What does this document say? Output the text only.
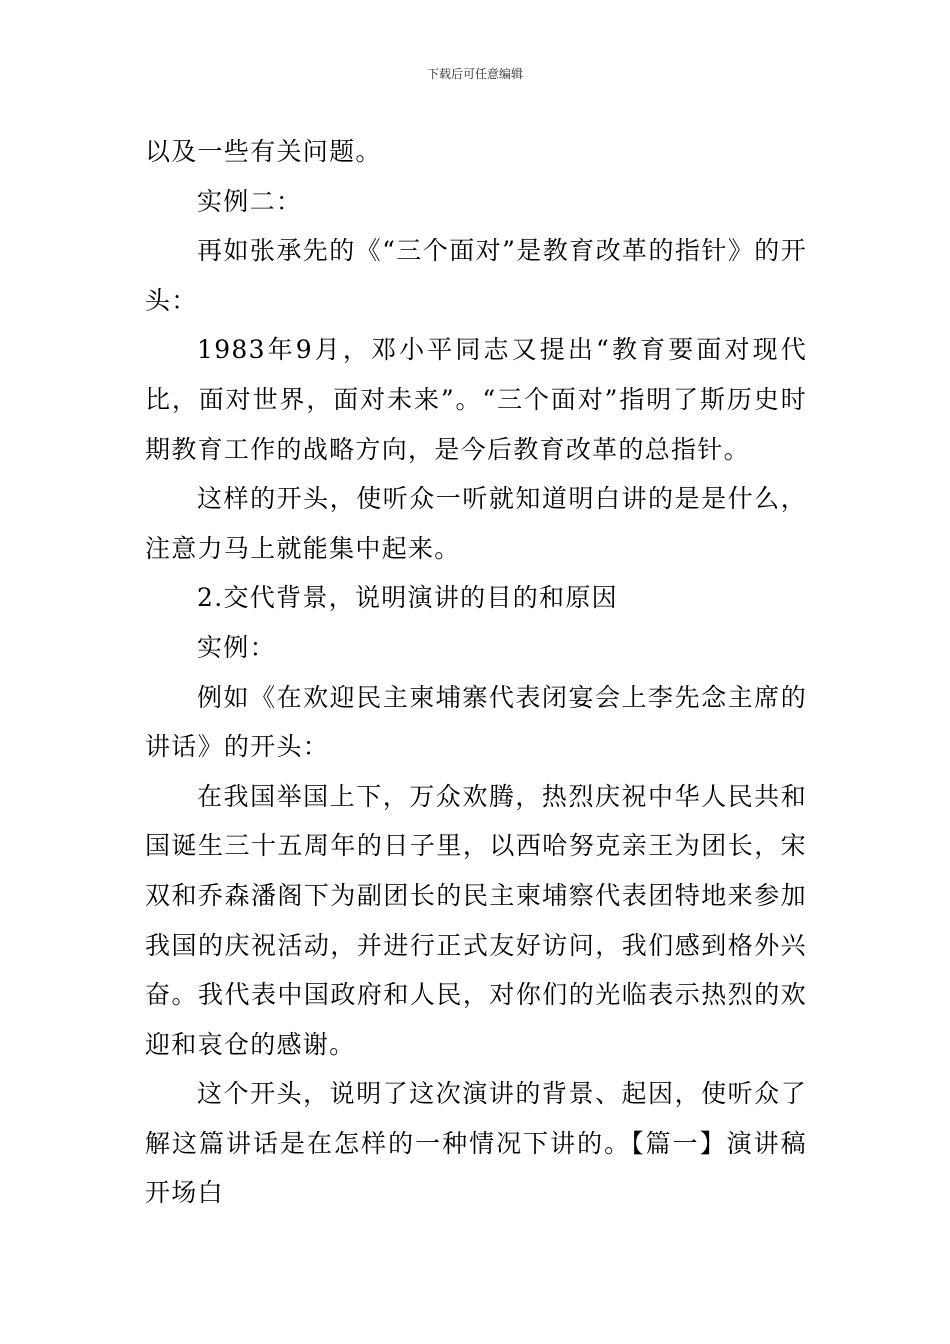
下载后可任意编辑

以及一些有关问题。

实例二：

再如张承先的《“三个面对”是教育改革的指针》的开头：

1983年9月，邓小平同志又提出“教育要面对现代比，面对世界，面对未来”。“三个面对”指明了斯历史时期教育工作的战略方向，是今后教育改革的总指针。

这样的开头，使听众一听就知道明白讲的是是什么，注意力马上就能集中起来。

2.交代背景，说明演讲的目的和原因

实例：

例如《在欢迎民主柬埔寨代表闭宴会上李先念主席的讲话》的开头：

在我国举国上下，万众欢腾，热烈庆祝中华人民共和国诞生三十五周年的日子里，以西哈努克亲王为团长，宋双和乔森潘阁下为副团长的民主柬埔察代表团特地来参加我国的庆祝活动，并进行正式友好访问，我们感到格外兴奋。我代表中国政府和人民，对你们的光临表示热烈的欢迎和哀仓的感谢。

这个开头，说明了这次演讲的背景、起因，使听众了解这篇讲话是在怎样的一种情况下讲的。【篇一】演讲稿开场白
